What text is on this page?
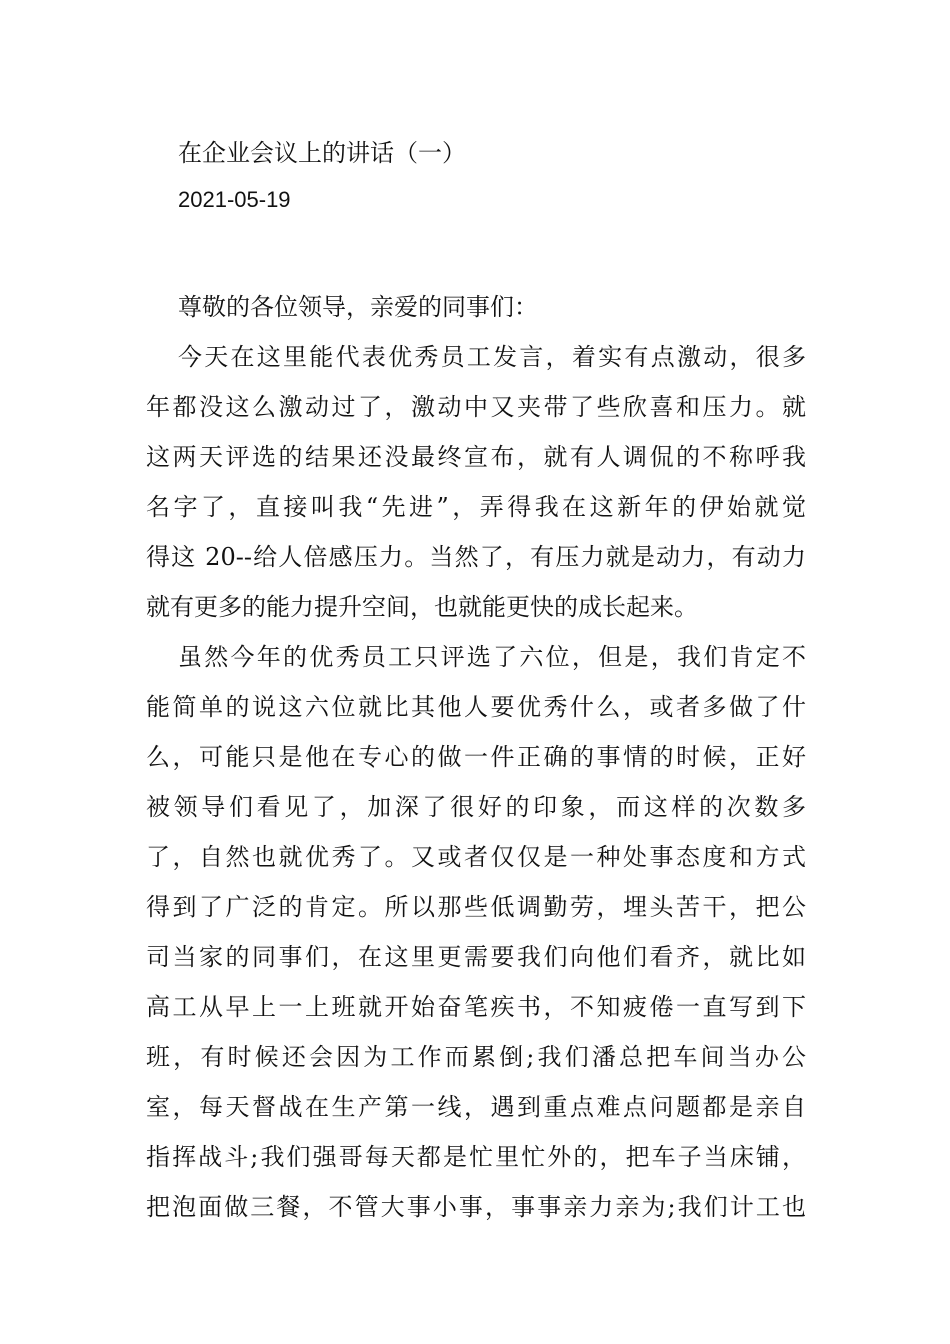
在企业会议上的讲话（一）
2021-05-19
尊敬的各位领导，亲爱的同事们：
今天在这里能代表优秀员工发言，着实有点激动，很多
年都没这么激动过了，激动中又夹带了些欣喜和压力。就
这两天评选的结果还没最终宣布，就有人调侃的不称呼我
名字了，直接叫我“先进”，弄得我在这新年的伊始就觉
得这 20--给人倍感压力。当然了，有压力就是动力，有动力
就有更多的能力提升空间，也就能更快的成长起来。
虽然今年的优秀员工只评选了六位，但是，我们肯定不
能简单的说这六位就比其他人要优秀什么，或者多做了什
么，可能只是他在专心的做一件正确的事情的时候，正好
被领导们看见了，加深了很好的印象，而这样的次数多
了，自然也就优秀了。又或者仅仅是一种处事态度和方式
得到了广泛的肯定。所以那些低调勤劳，埋头苦干，把公
司当家的同事们，在这里更需要我们向他们看齐，就比如
高工从早上一上班就开始奋笔疾书，不知疲倦一直写到下
班，有时候还会因为工作而累倒;我们潘总把车间当办公
室，每天督战在生产第一线，遇到重点难点问题都是亲自
指挥战斗;我们强哥每天都是忙里忙外的，把车子当床铺，
把泡面做三餐，不管大事小事，事事亲力亲为;我们计工也
